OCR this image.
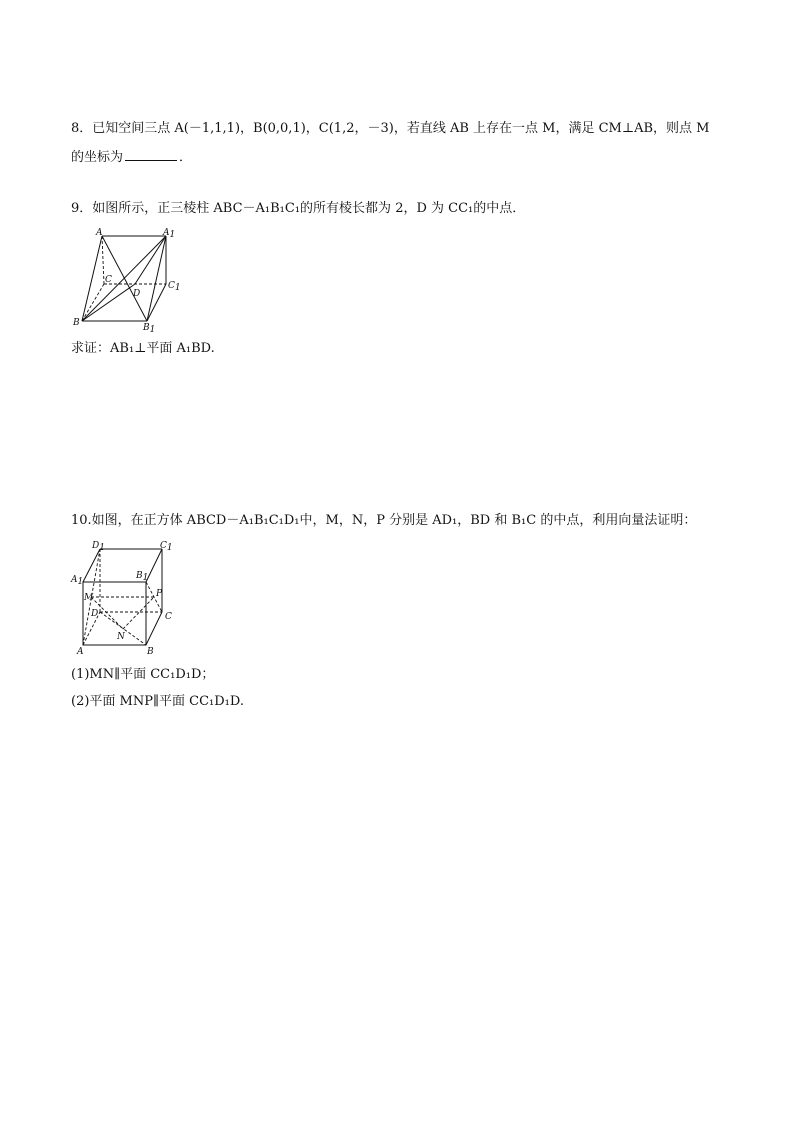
8．已知空间三点 A(－1,1,1)，B(0,0,1)，C(1,2，－3)，若直线 AB 上存在一点 M，满足 CM⊥AB，则点 M
的坐标为	．
9．如图所示，正三棱柱 ABC－A₁B₁C₁的所有棱长都为 2，D 为 CC₁的中点．
A	A1
C
C1
D
B	B1
求证：AB₁⊥平面 A₁BD.
10.如图，在正方体 ABCD－A₁B₁C₁D₁中，M，N，P 分别是 AD₁，BD 和 B₁C 的中点，利用向量法证明：
D1	C1
A1
B1
M	P
D	C
N
A	B
(1)MN∥平面 CC₁D₁D；
(2)平面 MNP∥平面 CC₁D₁D.
